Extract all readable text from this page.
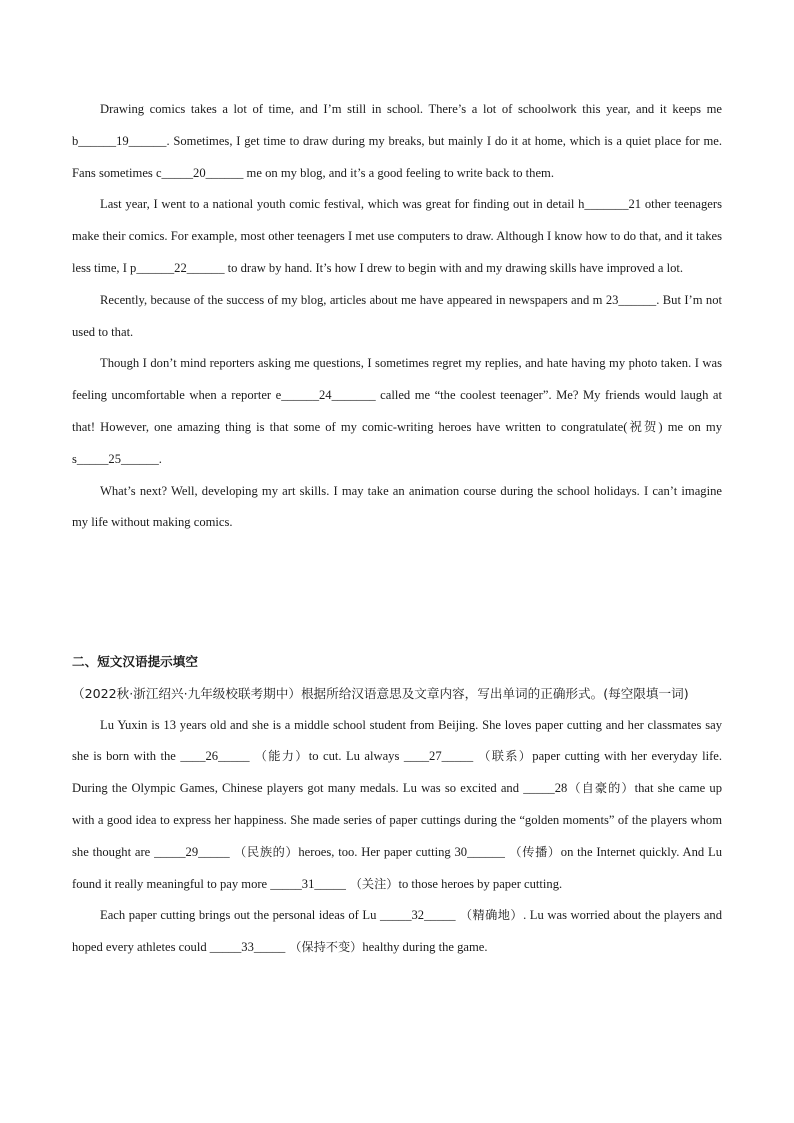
Drawing comics takes a lot of time, and I’m still in school. There’s a lot of schoolwork this year, and it keeps me b______19______. Sometimes, I get time to draw during my breaks, but mainly I do it at home, which is a quiet place for me. Fans sometimes c_____20______ me on my blog, and it’s a good feeling to write back to them.

Last year, I went to a national youth comic festival, which was great for finding out in detail h_______21 other teenagers make their comics. For example, most other teenagers I met use computers to draw. Although I know how to do that, and it takes less time, I p______22______ to draw by hand. It’s how I drew to begin with and my drawing skills have improved a lot.

Recently, because of the success of my blog, articles about me have appeared in newspapers and m 23______. But I’m not used to that.

Though I don’t mind reporters asking me questions, I sometimes regret my replies, and hate having my photo taken. I was feeling uncomfortable when a reporter e______24_______ called me “the coolest teenager”. Me? My friends would laugh at that! However, one amazing thing is that some of my comic-writing heroes have written to congratulate(祝贺) me on my s_____25______.

What’s next? Well, developing my art skills. I may take an animation course during the school holidays. I can’t imagine my life without making comics.

二、短文汉语提示填空

（2022秋·浙江绍兴·九年级校联考期中）根据所给汉语意思及文章内容，写出单词的正确形式。(每空限填一词)

Lu Yuxin is 13 years old and she is a middle school student from Beijing. She loves paper cutting and her classmates say she is born with the ____26_____ （能力）to cut. Lu always ____27_____ （联系）paper cutting with her everyday life. During the Olympic Games, Chinese players got many medals. Lu was so excited and _____28（自豪的）that she came up with a good idea to express her happiness. She made series of paper cuttings during the “golden moments” of the players whom she thought are _____29_____ （民族的）heroes, too. Her paper cutting 30______ （传播）on the Internet quickly. And Lu found it really meaningful to pay more _____31_____ （关注）to those heroes by paper cutting.

Each paper cutting brings out the personal ideas of Lu _____32_____ （精确地）. Lu was worried about the players and hoped every athletes could _____33_____ （保持不变）healthy during the game.
